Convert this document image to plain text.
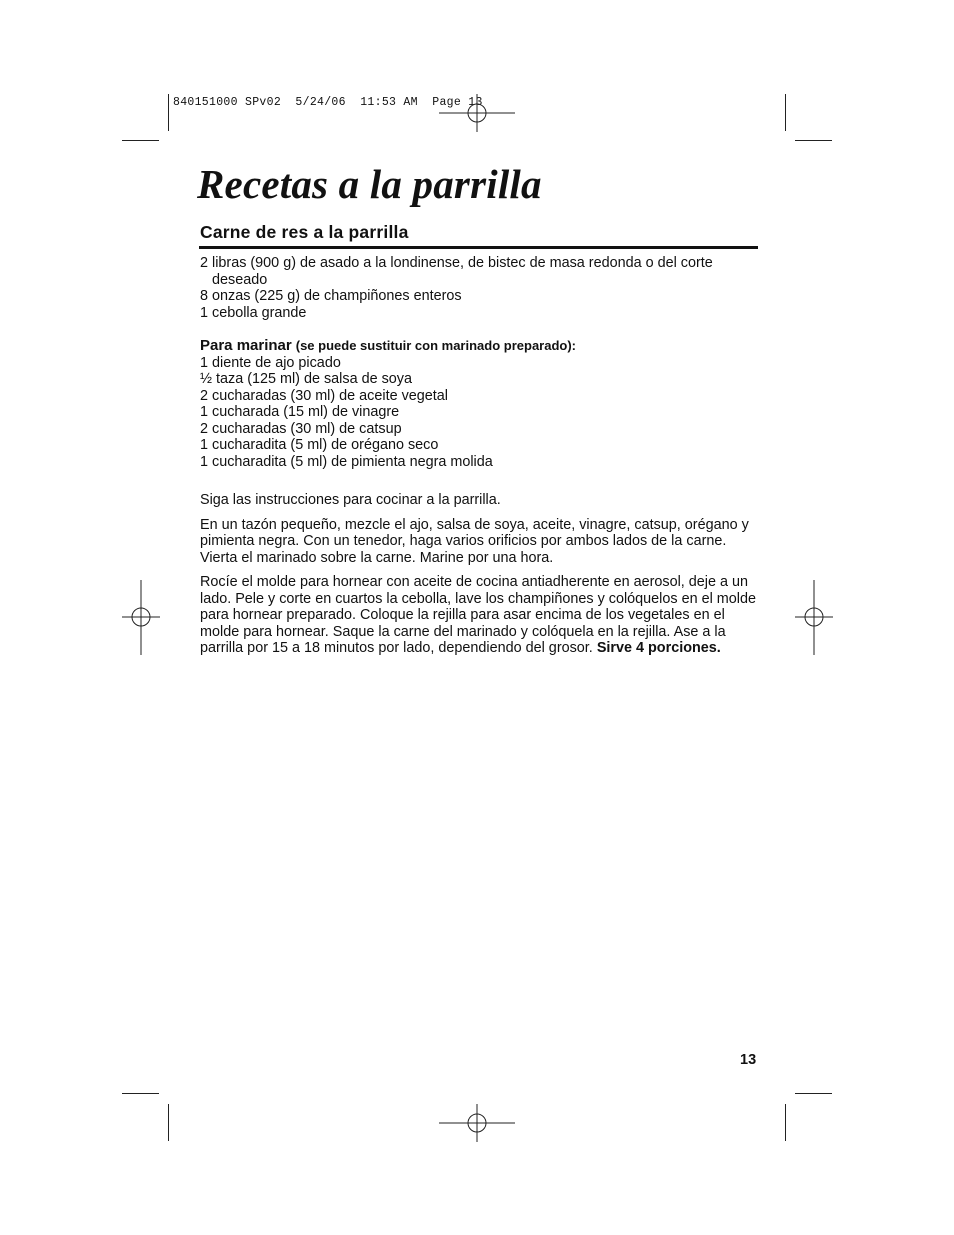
840151000 SPv02  5/24/06  11:53 AM  Page 13
Recetas a la parrilla
Carne de res a la parrilla
2 libras (900 g) de asado a la londinense, de bistec de masa redonda o del corte deseado
8 onzas (225 g) de champiñones enteros
1 cebolla grande
Para marinar (se puede sustituir con marinado preparado):
1 diente de ajo picado
½ taza (125 ml) de salsa de soya
2 cucharadas (30 ml) de aceite vegetal
1 cucharada (15 ml) de vinagre
2 cucharadas (30 ml) de catsup
1 cucharadita (5 ml) de orégano seco
1 cucharadita (5 ml) de pimienta negra molida

Siga las instrucciones para cocinar a la parrilla.

En un tazón pequeño, mezcle el ajo, salsa de soya, aceite, vinagre, catsup, orégano y pimienta negra. Con un tenedor, haga varios orificios por ambos lados de la carne. Vierta el marinado sobre la carne. Marine por una hora.

Rocíe el molde para hornear con aceite de cocina antiadherente en aerosol, deje a un lado. Pele y corte en cuartos la cebolla, lave los champiñones y colóquelos en el molde para hornear preparado. Coloque la rejilla para asar encima de los vegetales en el molde para hornear. Saque la carne del marinado y colóquela en la rejilla. Ase a la parrilla por 15 a 18 minutos por lado, dependiendo del grosor. Sirve 4 porciones.

13
